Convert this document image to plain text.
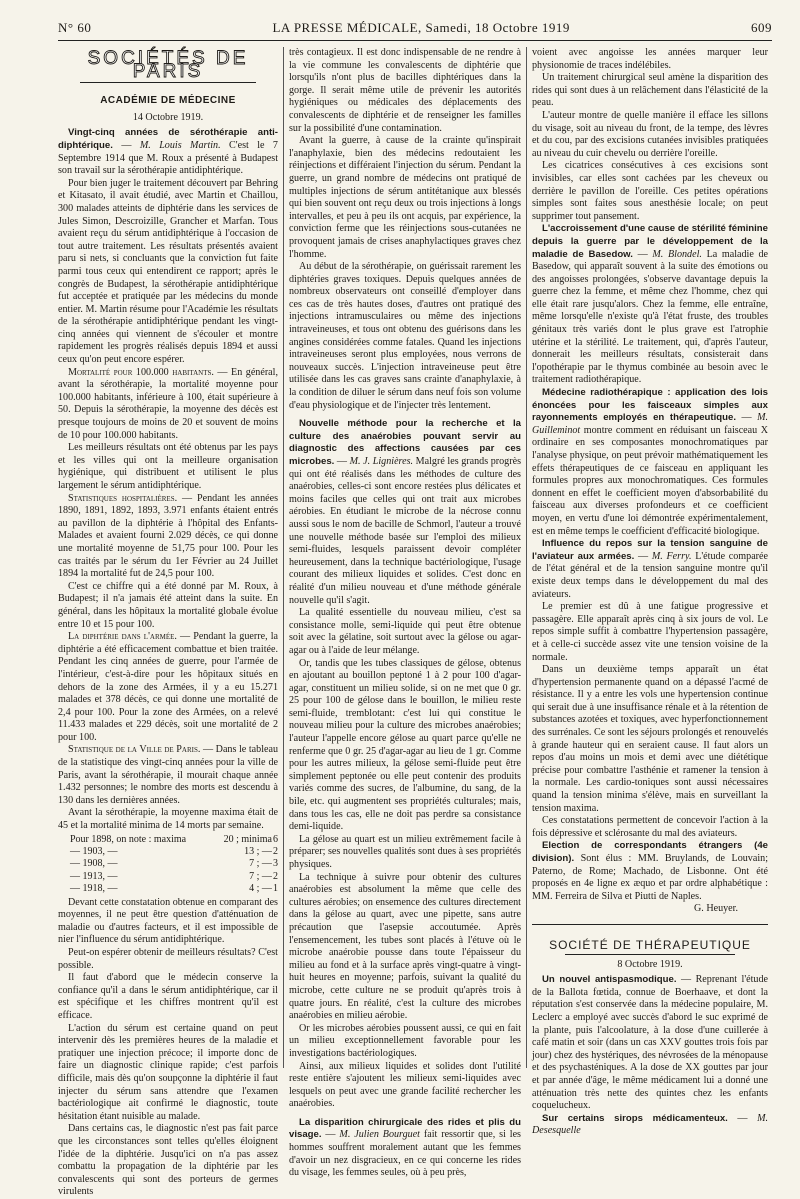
N° 60	LA PRESSE MÉDICALE, Samedi, 18 Octobre 1919	609
SOCIÉTÉS DE PARIS
ACADÉMIE DE MÉDECINE
14 Octobre 1919.

Vingt-cinq années de sérothérapie anti-diphtérique. — M. Louis Martin. C'est le 7 Septembre 1914 que M. Roux a présenté à Budapest son travail sur la sérothérapie antidiphtérique.

Pour bien juger le traitement découvert par Behring et Kitasato, il avait étudié, avec Martin et Chaillou, 300 malades atteints de diphtérie dans les services de Jules Simon, Descroizille, Grancher et Marfan. Tous avaient reçu du sérum antidiphtérique à l'occasion de tout autre traitement. Les résultats présentés avaient paru si nets, si concluants que la conviction fut faite parmi tous ceux qui entendirent ce rapport; après le congrès de Budapest, la sérothérapie antidiphtérique fut acceptée et pratiquée par les médecins du monde entier. M. Martin résume pour l'Académie les résultats de la sérothérapie antidiphtérique pendant les vingt-cinq années qui viennent de s'écouler et montre rapidement les progrès réalisés depuis 1894 et aussi ceux qu'on peut encore espérer.

Mortalité pour 100.000 habitants. — En général, avant la sérothérapie, la mortalité moyenne pour 100.000 habitants, inférieure à 100, était supérieure à 50. Depuis la sérothérapie, la moyenne des décès est presque toujours de moins de 20 et souvent de moins de 10 pour 100.000 habitants.

Les meilleurs résultats ont été obtenus par les pays et les villes qui ont la meilleure organisation hygiénique, qui distribuent et utilisent le plus largement le sérum antidiphtérique.

Statistiques hospitalières. — Pendant les années 1890, 1891, 1892, 1893, 3.971 enfants étaient entrés au pavillon de la diphtérie à l'hôpital des Enfants-Malades et avaient fourni 2.029 décès, ce qui donne une mortalité moyenne de 51,75 pour 100. Pour les cas traités par le sérum du 1er Février au 24 Juillet 1894 la mortalité fut de 24,5 pour 100.

C'est ce chiffre qui a été donné par M. Roux, à Budapest; il n'a jamais été atteint dans la suite. En général, dans les hôpitaux la mortalité globale évolue entre 10 et 15 pour 100.

La diphtérie dans l'armée. — Pendant la guerre, la diphtérie a été efficacement combattue et bien traitée. Pendant les cinq années de guerre, pour l'armée de l'intérieur, c'est-à-dire pour les hôpitaux situés en dehors de la zone des Armées, il y a eu 15.271 malades et 378 décès, ce qui donne une mortalité de 2,4 pour 100. Pour la zone des Armées, on a relevé 11.433 malades et 229 décès, soit une mortalité de 2 pour 100.

Statistique de la Ville de Paris. — Dans le tableau de la statistique des vingt-cinq années pour la ville de Paris, avant la sérothérapie, il mourait chaque année 1.432 personnes; le nombre des morts est descendu à 130 dans les dernières années.

Avant la sérothérapie, la moyenne maxima était de 45 et la mortalité minima de 14 morts par semaine.

Pour 1898, on note : maxima	20 ; minima	6
— 1903, —	13 ; —	2
— 1908, —	7 ; —	3
— 1913, —	7 ; —	2
— 1918, —	4 ; —	1

Devant cette constatation obtenue en comparant des moyennes, il ne peut être question d'atténuation de maladie ou d'autres facteurs, et il est impossible de nier l'influence du sérum antidiphtérique.

Peut-on espérer obtenir de meilleurs résultats? C'est possible.

Il faut d'abord que le médecin conserve la confiance qu'il a dans le sérum antidiphtérique, car il est spécifique et les chiffres montrent qu'il est efficace.

L'action du sérum est certaine quand on peut intervenir dès les premières heures de la maladie et pratiquer une injection précoce; il importe donc de faire un diagnostic clinique rapide; c'est parfois difficile, mais dès qu'on soupçonne la diphtérie il faut injecter du sérum sans attendre que l'examen bactériologique ait confirmé le diagnostic, toute hésitation étant nuisible au malade.

Dans certains cas, le diagnostic n'est pas fait parce que les circonstances sont telles qu'elles éloignent l'idée de la diphtérie. Jusqu'ici on n'a pas assez combattu la propagation de la diphtérie par les convalescents qui sont des porteurs de germes virulents

très contagieux. Il est donc indispensable de ne rendre à la vie commune les convalescents de diphtérie que lorsqu'ils n'ont plus de bacilles diphtériques dans la gorge. Il serait même utile de prévenir les autorités hygiéniques ou médicales des déplacements des convalescents de diphtérie et de renseigner les familles sur la possibilité d'une contamination.

Avant la guerre, à cause de la crainte qu'inspirait l'anaphylaxie, bien des médecins redoutaient les réinjections et différaient l'injection du sérum. Pendant la guerre, un grand nombre de médecins ont pratiqué de multiples injections de sérum antitétanique aux blessés qui bien souvent ont reçu deux ou trois injections à longs intervalles, et peu à peu ils ont acquis, par expérience, la conviction ferme que les réinjections sous-cutanées ne provoquent jamais de crises anaphylactiques graves chez l'homme.

Au début de la sérothérapie, on guérissait rarement les diphtéries graves toxiques. Depuis quelques années de nombreux observateurs ont conseillé d'employer dans ces cas de très hautes doses, d'autres ont pratiqué des injections intramusculaires ou même des injections intraveineuses, et tous ont obtenu des guérisons dans les angines considérées comme fatales. Quand les injections intraveineuses seront plus employées, nous verrons de nouveaux succès. L'injection intraveineuse peut être utilisée dans les cas graves sans crainte d'anaphylaxie, à la condition de diluer le sérum dans neuf fois son volume d'eau physiologique et de l'injecter très lentement.

Nouvelle méthode pour la recherche et la culture des anaérobies pouvant servir au diagnostic des affections causées par ces microbes. — M. J. Lignières. Malgré les grands progrès qui ont été réalisés dans les méthodes de culture des anaérobies, celles-ci sont encore restées plus délicates et moins faciles que celles qui ont trait aux microbes aérobies. En étudiant le microbe de la nécrose connu aussi sous le nom de bacille de Schmorl, l'auteur a trouvé une nouvelle méthode basée sur l'emploi des milieux semi-fluides, lesquels paraissent devoir compléter heureusement, dans la technique bactériologique, l'usage courant des milieux liquides et solides. C'est donc en réalité d'un milieu nouveau et d'une méthode générale nouvelle qu'il s'agit.

La qualité essentielle du nouveau milieu, c'est sa consistance molle, semi-liquide qui peut être obtenue soit avec la gélatine, soit surtout avec la gélose ou agar-agar ou à l'aide de leur mélange.

Or, tandis que les tubes classiques de gélose, obtenus en ajoutant au bouillon peptoné 1 à 2 pour 100 d'agar-agar, constituent un milieu solide, si on ne met que 0 gr. 25 pour 100 de gélose dans le bouillon, le milieu reste semi-fluide, tremblotant: c'est lui qui constitue le nouveau milieu pour la culture des microbes anaérobies; l'auteur l'appelle encore gélose au quart parce qu'elle ne renferme que 0 gr. 25 d'agar-agar au lieu de 1 gr. Comme pour les autres milieux, la gélose semi-fluide peut être simplement peptonée ou elle peut contenir des produits variés comme des sucres, de l'albumine, du sang, de la bile, etc. qui augmentent ses propriétés culturales; mais, dans tous les cas, elle ne doit pas perdre sa consistance demi-liquide.

La gélose au quart est un milieu extrêmement facile à préparer; ses nouvelles qualités sont dues à ses propriétés physiques.

La technique à suivre pour obtenir des cultures anaérobies est absolument la même que celle des cultures aérobies; on ensemence des cultures directement dans la gélose au quart, avec une pipette, sans autre précaution que l'asepsie accoutumée. Après l'ensemencement, les tubes sont placés à l'étuve où le microbe anaérobie pousse dans toute l'épaisseur du milieu au fond et à la surface après vingt-quatre à vingt-huit heures en moyenne; parfois, suivant la qualité du microbe, cette culture ne se produit qu'après trois à quatre jours. En réalité, c'est la culture des microbes anaérobies en milieu aérobie.

Or les microbes aérobies poussent aussi, ce qui en fait un milieu exceptionnellement favorable pour les investigations bactériologiques.

Ainsi, aux milieux liquides et solides dont l'utilité reste entière s'ajoutent les milieux semi-liquides avec lesquels on peut avec une grande facilité rechercher les anaérobies.

La disparition chirurgicale des rides et plis du visage. — M. Julien Bourguet fait ressortir que, si les hommes souffrent moralement autant que les femmes d'avoir un nez disgracieux, en ce qui concerne les rides du visage, les femmes seules, où à peu près,

voient avec angoisse les années marquer leur physionomie de traces indélébiles.

Un traitement chirurgical seul amène la disparition des rides qui sont dues à un relâchement dans l'élasticité de la peau.

L'auteur montre de quelle manière il efface les sillons du visage, soit au niveau du front, de la tempe, des lèvres et du cou, par des excisions cutanées invisibles pratiquées au niveau du cuir chevelu ou derrière l'oreille.

Les cicatrices consécutives à ces excisions sont invisibles, car elles sont cachées par les cheveux ou derrière le pavillon de l'oreille. Ces petites opérations simples sont faites sous anesthésie locale; on peut supprimer tout pansement.

L'accroissement d'une cause de stérilité féminine depuis la guerre par le développement de la maladie de Basedow. — M. Blondel. La maladie de Basedow, qui apparaît souvent à la suite des émotions ou des angoisses prolongées, s'observe davantage depuis la guerre chez la femme, et même chez l'homme, chez qui elle était rare jusqu'alors. Chez la femme, elle entraîne, même lorsqu'elle n'existe qu'à l'état fruste, des troubles génitaux très variés dont le plus grave est l'atrophie utérine et la stérilité. Le traitement, qui, d'après l'auteur, donnerait les meilleurs résultats, consisterait dans l'opothérapie par le thymus combinée au besoin avec le traitement radiothérapique.

Médecine radiothérapique : application des lois énoncées pour les faisceaux simples aux rayonnements employés en thérapeutique. — M. Guilleminot montre comment en réduisant un faisceau X ordinaire en ses composantes monochromatiques par l'analyse physique, on peut prévoir mathématiquement les effets thérapeutiques de ce faisceau en appliquant les formules propres aux monochromatiques. Ces formules donnent en effet le coefficient moyen d'absorbabilité du faisceau aux diverses profondeurs et ce coefficient moyen, en vertu d'une loi démontrée expérimentalement, est en même temps le coefficient d'efficacité biologique.

Influence du repos sur la tension sanguine de l'aviateur aux armées. — M. Ferry. L'étude comparée de l'état général et de la tension sanguine montre qu'il existe deux temps dans le développement du mal des aviateurs.

Le premier est dû à une fatigue progressive et passagère. Elle apparaît après cinq à six jours de vol. Le repos simple suffit à combattre l'hypertension passagère, et à celle-ci succède assez vite une tension voisine de la normale.

Dans un deuxième temps apparaît un état d'hypertension permanente quand on a dépassé l'acmé de résistance. Il y a entre les vols une hypertension continue qui serait due à une insuffisance rénale et à la rétention de substances azotées et toxiques, avec hyperfonctionnement des surrénales. Ce sont les séjours prolongés et renouvelés à grande hauteur qui en seraient cause. Il faut alors un repos d'au moins un mois et demi avec une diététique précise pour combattre l'asthénie et ramener la tension à la normale. Les cardio-toniques sont aussi nécessaires quand la tension minima s'élève, mais en surveillant la tension maxima.

Ces constatations permettent de concevoir l'action à la fois dépressive et sclérosante du mal des aviateurs.

Election de correspondants étrangers (4e division). Sont élus : MM. Bruylands, de Louvain; Paterno, de Rome; Machado, de Lisbonne. Ont été proposés en 4e ligne ex æquo et par ordre alphabétique : MM. Ferreira de Silva et Piutti de Naples.

G. Heuyer.
SOCIÉTÉ DE THÉRAPEUTIQUE
8 Octobre 1919.

Un nouvel antispasmodique. — Reprenant l'étude de la Ballota fœtida, connue de Boerhaave, et dont la réputation s'est conservée dans la médecine populaire, M. Leclerc a employé avec succès d'abord le suc exprimé de la plante, puis l'alcoolature, à la dose d'une cuillerée à café matin et soir (dans un cas XXV gouttes trois fois par jour) chez des hystériques, des névrosées de la ménopause et des psychasténiques. A la dose de XX gouttes par jour et par année d'âge, le même médicament lui a donné une atténuation très nette des quintes chez les enfants coquelucheux.

Sur certains sirops médicamenteux. — M. Desesquelle
